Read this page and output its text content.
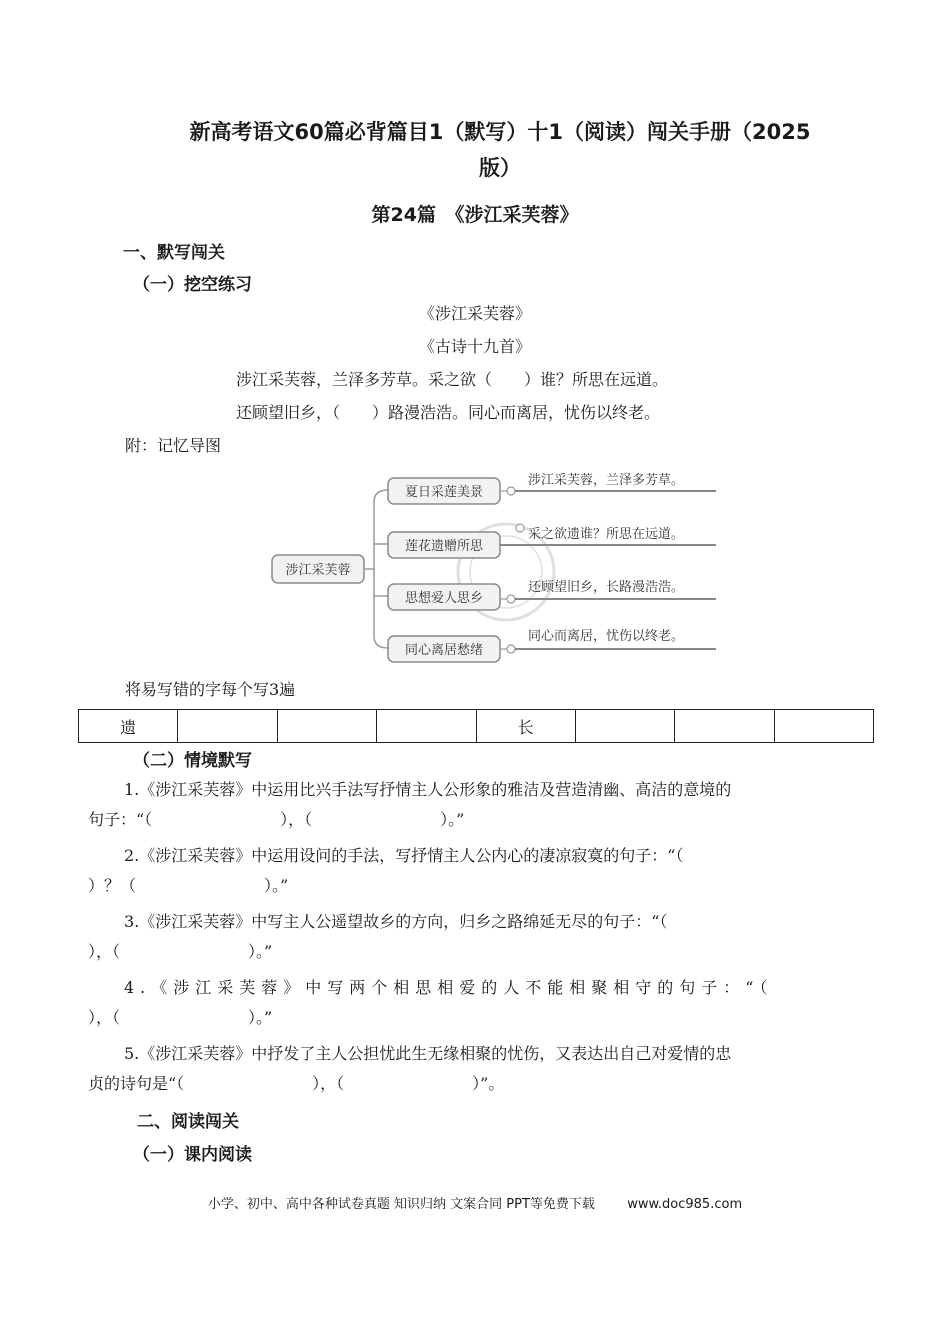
新高考语文60篇必背篇目1（默写）十1（阅读）闯关手册（2025
版）
第24篇　《涉江采芙蓉》
一、默写闯关
（一）挖空练习
《涉江采芙蓉》
《古诗十九首》
涉江采芙蓉，兰泽多芳草。采之欲（　　）谁？所思在远道。
还顾望旧乡，（　　）路漫浩浩。同心而离居，忧伤以终老。
附：记忆导图
涉江采芙蓉
夏日采莲美景
涉江采芙蓉，兰泽多芳草。
莲花遗赠所思
采之欲遗谁？所思在远道。
思想爱人思乡
还顾望旧乡，长路漫浩浩。
同心离居愁绪
同心而离居，忧伤以终老。
将易写错的字每个写3遍
遗				长			
（二）情境默写
1.《涉江采芙蓉》中运用比兴手法写抒情主人公形象的雅洁及营造清幽、高洁的意境的
句子：“（　　　　　　　　），（　　　　　　　　）。”
2.《涉江采芙蓉》中运用设问的手法，写抒情主人公内心的凄凉寂寞的句子：“（
）？（　　　　　　　　）。”
3.《涉江采芙蓉》中写主人公遥望故乡的方向，归乡之路绵延无尽的句子：“（
），（　　　　　　　　）。”
4.《涉江采芙蓉》中写两个相思相爱的人不能相聚相守的句子：“（
），（　　　　　　　　）。”
5.《涉江采芙蓉》中抒发了主人公担忧此生无缘相聚的忧伤，又表达出自己对爱情的忠
贞的诗句是“（　　　　　　　　），（　　　　　　　　）”。
二、阅读闯关
（一）课内阅读
小学、初中、高中各种试卷真题 知识归纳 文案合同 PPT等免费下载 www.doc985.com
